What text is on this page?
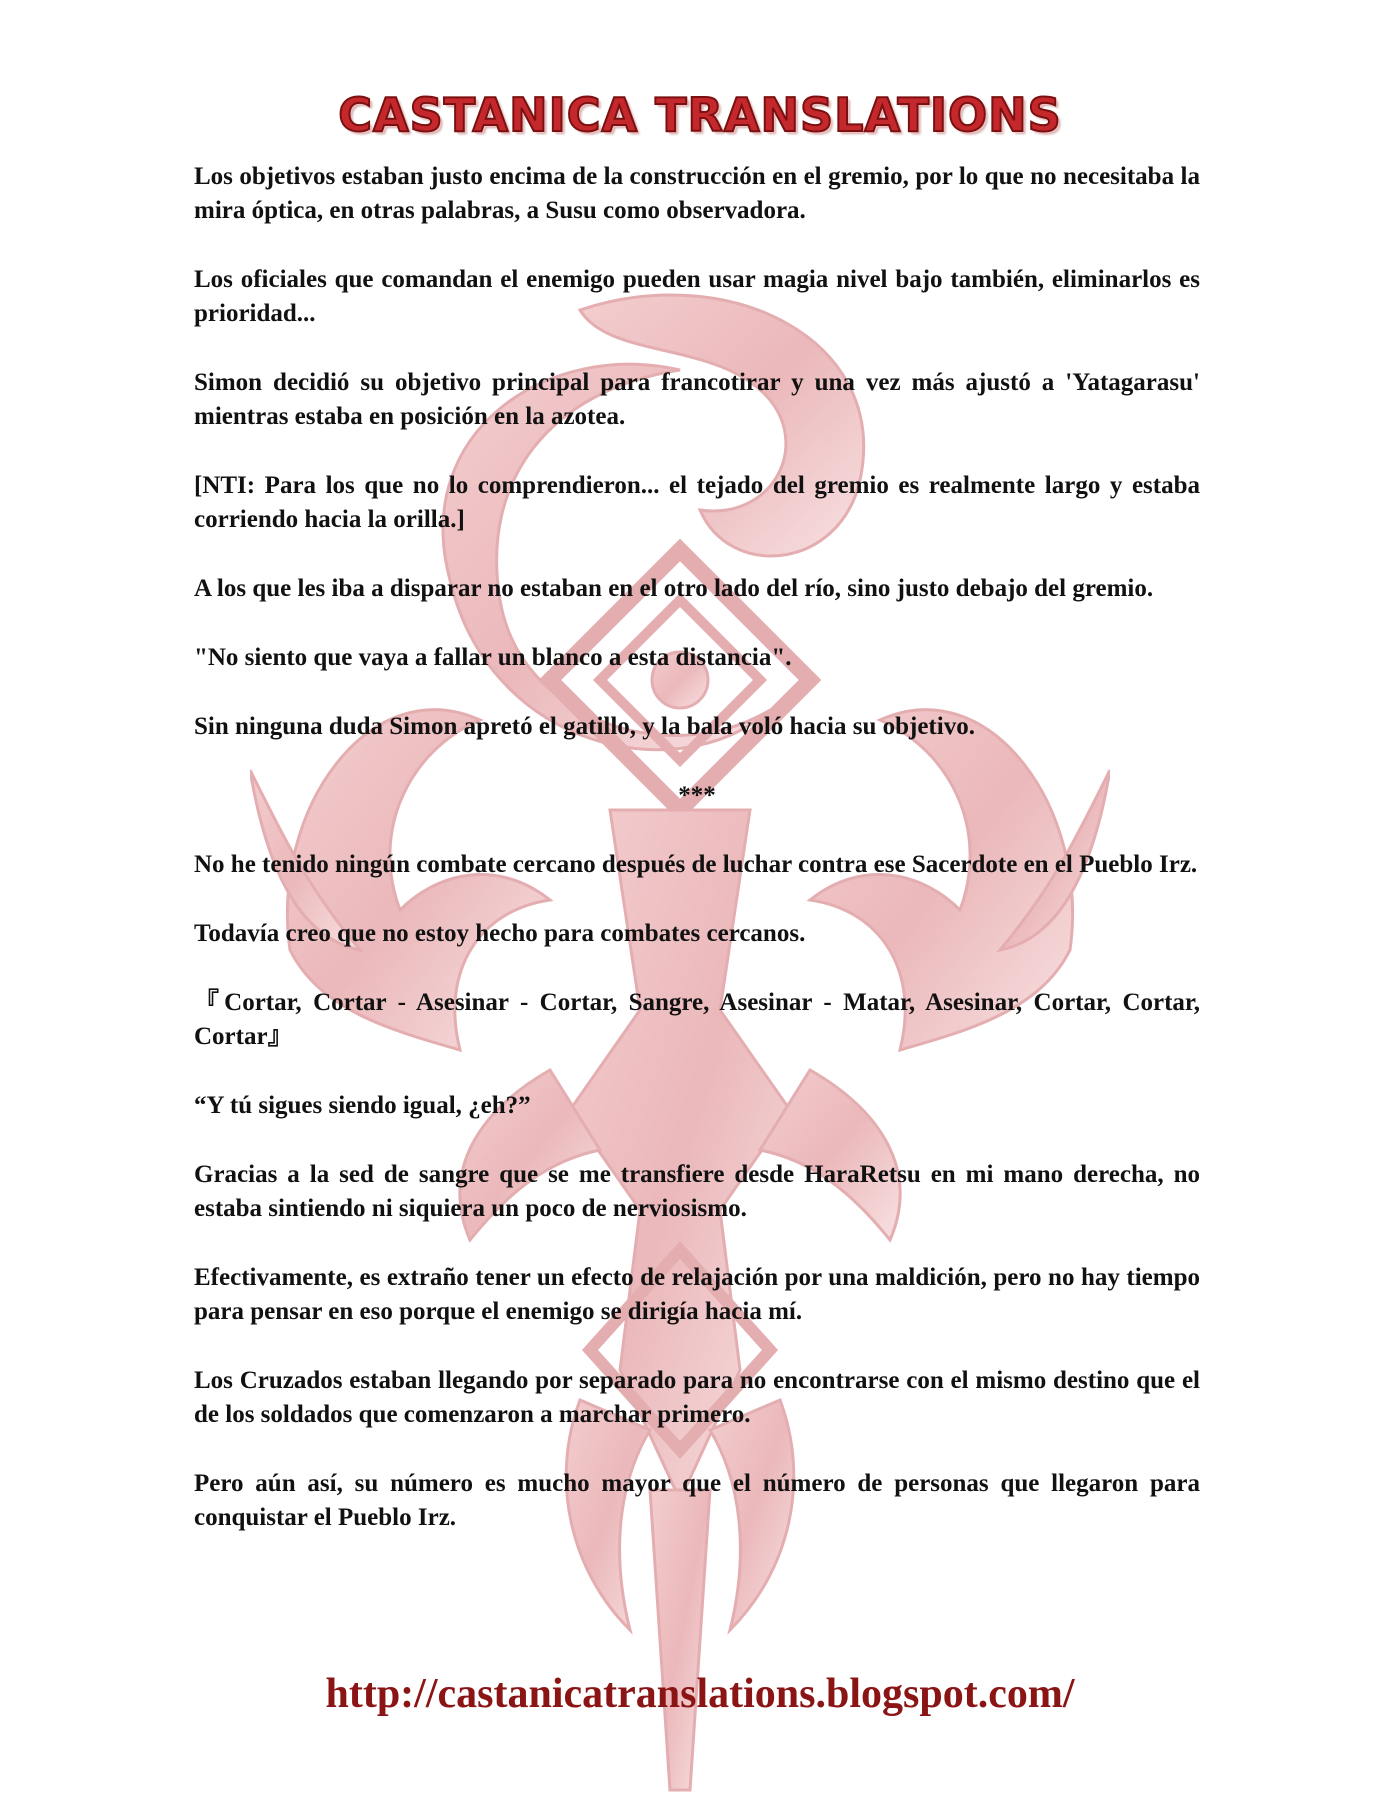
CASTANICA TRANSLATIONS

Los objetivos estaban justo encima de la construcción en el gremio, por lo que no necesitaba la mira óptica, en otras palabras, a Susu como observadora.

Los oficiales que comandan el enemigo pueden usar magia nivel bajo también, eliminarlos es prioridad...

Simon decidió su objetivo principal para francotirar y una vez más ajustó a 'Yatagarasu' mientras estaba en posición en la azotea.

[NTI: Para los que no lo comprendieron... el tejado del gremio es realmente largo y estaba corriendo hacia la orilla.]

A los que les iba a disparar no estaban en el otro lado del río, sino justo debajo del gremio.

"No siento que vaya a fallar un blanco a esta distancia".

Sin ninguna duda Simon apretó el gatillo, y la bala voló hacia su objetivo.

***

No he tenido ningún combate cercano después de luchar contra ese Sacerdote en el Pueblo Irz.

Todavía creo que no estoy hecho para combates cercanos.

『Cortar, Cortar - Asesinar - Cortar, Sangre, Asesinar - Matar, Asesinar, Cortar, Cortar, Cortar』

“Y tú sigues siendo igual, ¿eh?”

Gracias a la sed de sangre que se me transfiere desde HaraRetsu en mi mano derecha, no estaba sintiendo ni siquiera un poco de nerviosismo.

Efectivamente, es extraño tener un efecto de relajación por una maldición, pero no hay tiempo para pensar en eso porque el enemigo se dirigía hacia mí.

Los Cruzados estaban llegando por separado para no encontrarse con el mismo destino que el de los soldados que comenzaron a marchar primero.

Pero aún así, su número es mucho mayor que el número de personas que llegaron para conquistar el Pueblo Irz.

http://castanicatranslations.blogspot.com/
